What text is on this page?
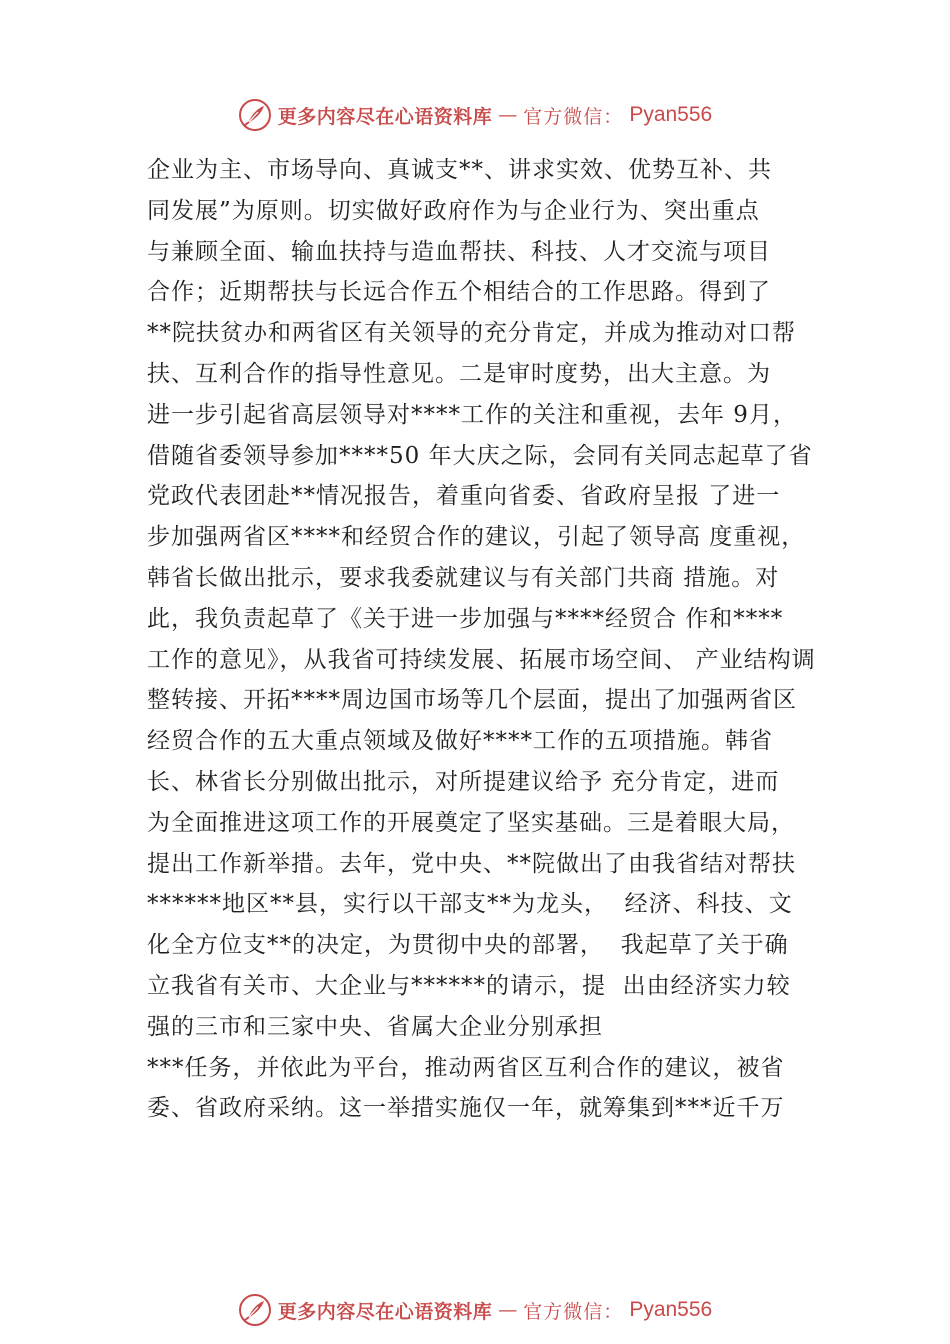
更多内容尽在心语资料库 — 官方微信： Pyan556
企业为主、市场导向、真诚支**、讲求实效、优势互补、共
同发展”为原则。切实做好政府作为与企业行为、突出重点
与兼顾全面、输血扶持与造血帮扶、科技、人才交流与项目
合作；近期帮扶与长远合作五个相结合的工作思路。得到了
**院扶贫办和两省区有关领导的充分肯定，并成为推动对口帮
扶、互利合作的指导性意见。二是审时度势，出大主意。为
进一步引起省高层领导对****工作的关注和重视，去年 9月，
借随省委领导参加****50 年大庆之际，会同有关同志起草了省
党政代表团赴**情况报告，着重向省委、省政府呈报 了进一
步加强两省区****和经贸合作的建议，引起了领导高 度重视，
韩省长做出批示，要求我委就建议与有关部门共商 措施。对
此，我负责起草了《关于进一步加强与****经贸合 作和****
工作的意见》，从我省可持续发展、拓展市场空间、 产业结构调
整转接、开拓****周边国市场等几个层面，提出了加强两省区
经贸合作的五大重点领域及做好****工作的五项措施。韩省
长、林省长分别做出批示，对所提建议给予 充分肯定，进而
为全面推进这项工作的开展奠定了坚实基础。三是着眼大局，
提出工作新举措。去年，党中央、**院做出了由我省结对帮扶
******地区**县，实行以干部支**为龙头，  经济、科技、文
化全方位支**的决定，为贯彻中央的部署，  我起草了关于确
立我省有关市、大企业与******的请示，提  出由经济实力较
强的三市和三家中央、省属大企业分别承担
***任务，并依此为平台，推动两省区互利合作的建议，被省
委、省政府采纳。这一举措实施仅一年，就筹集到***近千万
更多内容尽在心语资料库 — 官方微信： Pyan556
